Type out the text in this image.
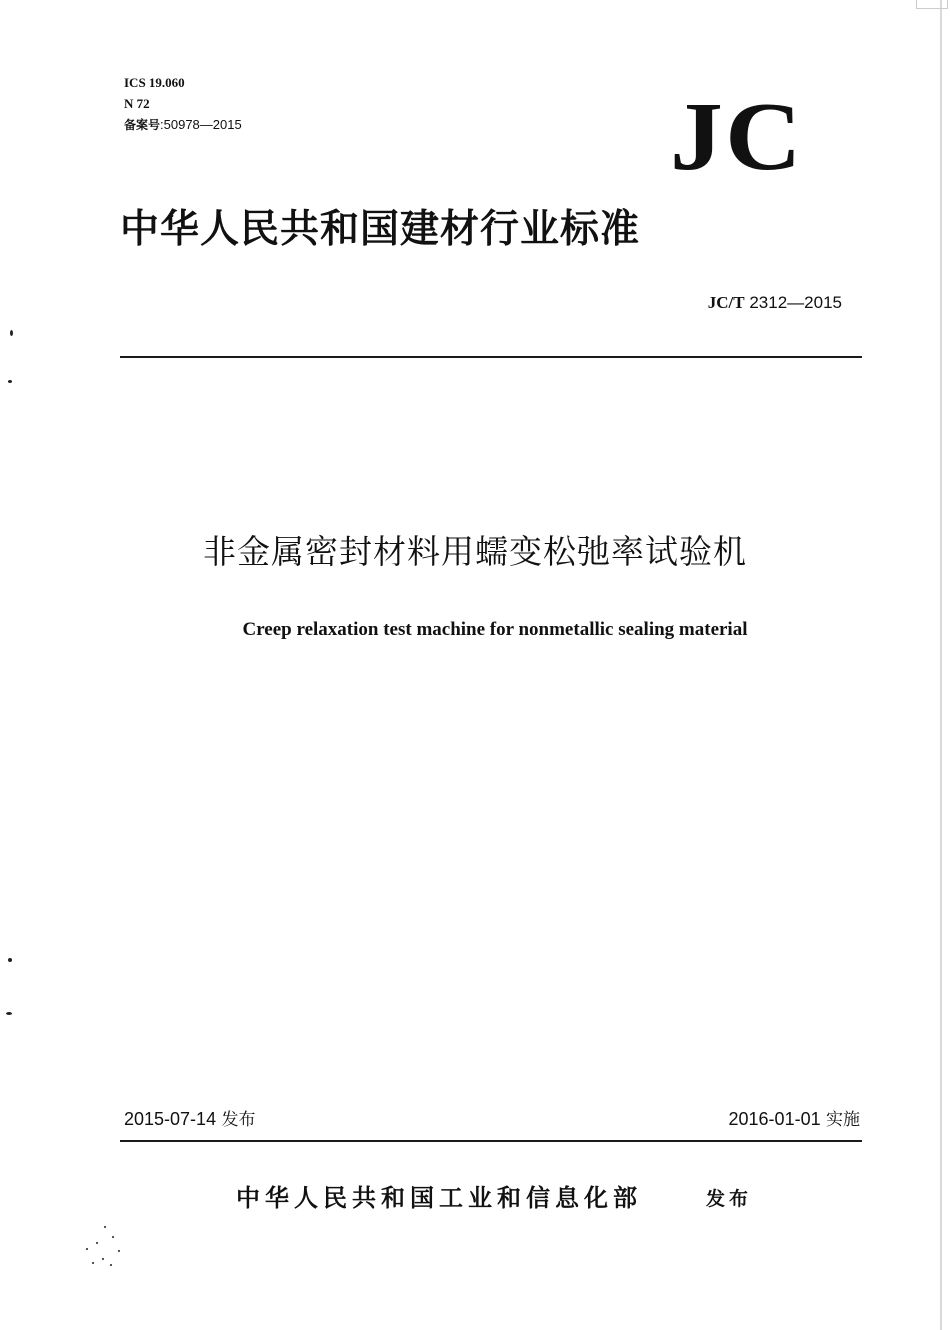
ICS 19.060
N 72
备案号:50978—2015	JC
中华人民共和国建材行业标准
JC/T 2312—2015
非金属密封材料用蠕变松弛率试验机
Creep relaxation test machine for nonmetallic sealing material
2015-07-14 发布	2016-01-01 实施
中华人民共和国工业和信息化部	发布
